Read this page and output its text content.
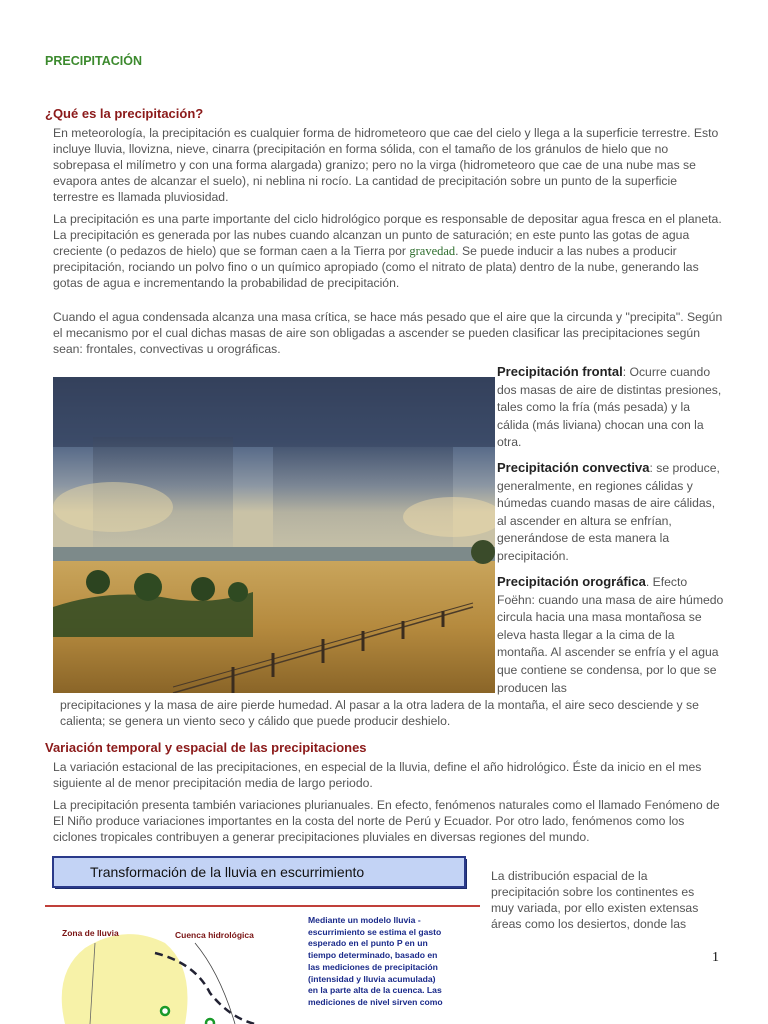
PRECIPITACIÓN
¿Qué es la precipitación?
En meteorología, la precipitación es cualquier forma de hidrometeoro que cae del cielo y llega a la superficie terrestre. Esto incluye lluvia, llovizna, nieve, cinarra (precipitación en forma sólida, con el tamaño de los gránulos de hielo que no sobrepasa el milímetro y con una forma alargada) granizo; pero no la virga (hidrometeoro que cae de una nube mas se evapora antes de alcanzar el suelo), ni neblina ni rocío. La cantidad de precipitación sobre un punto de la superficie terrestre es llamada pluviosidad.
La precipitación es una parte importante del ciclo hidrológico porque es responsable de depositar agua fresca en el planeta. La precipitación es generada por las nubes cuando alcanzan un punto de saturación; en este punto las gotas de agua creciente (o pedazos de hielo) que se forman caen a la Tierra por gravedad. Se puede inducir a las nubes a producir precipitación, rociando un polvo fino o un químico apropiado (como el nitrato de plata) dentro de la nube, generando las gotas de agua e incrementando la probabilidad de precipitación.
Cuando el agua condensada alcanza una masa crítica, se hace más pesado que el aire que la circunda y "precipita". Según el mecanismo por el cual dichas masas de aire son obligadas a ascender se pueden clasificar las precipitaciones según sean: frontales, convectivas u orográficas.
Precipitación frontal: Ocurre cuando dos masas de aire de distintas presiones, tales como la fría (más pesada) y la cálida (más liviana) chocan una con la otra.
Precipitación convectiva: se produce, generalmente, en regiones cálidas y húmedas cuando masas de aire cálidas, al ascender en altura se enfrían, generándose de esta manera la precipitación.
Precipitación orográfica. Efecto Foëhn: cuando una masa de aire húmedo circula hacia una masa montañosa se eleva hasta llegar a la cima de la montaña. Al ascender se enfría y el agua que contiene se condensa, por lo que se producen las
precipitaciones y la masa de aire pierde humedad. Al pasar a la otra ladera de la montaña, el aire seco desciende y se calienta; se genera un viento seco y cálido que puede producir deshielo.
Variación temporal y espacial de las precipitaciones
La variación estacional de las precipitaciones, en especial de la lluvia, define el año hidrológico. Éste da inicio en el mes siguiente al de menor precipitación media de largo periodo.
La precipitación presenta también variaciones plurianuales. En efecto, fenómenos naturales como el llamado Fenómeno de El Niño produce variaciones importantes en la costa del norte de Perú y Ecuador. Por otro lado, fenómenos como los ciclones tropicales contribuyen a generar precipitaciones pluviales en diversas regiones del mundo.
Transformación de la lluvia en escurrimiento
Zona de lluvia	Cuenca hidrológica
Mediante un modelo lluvia -
escurrimiento se estima el gasto
esperado en el punto P en un
tiempo determinado, basado en
las mediciones de precipitación
(intensidad y lluvia acumulada)
en la parte alta de la cuenca. Las
mediciones de nivel sirven como
La distribución espacial de la precipitación sobre los continentes es muy variada, por ello existen extensas áreas como los desiertos, donde las
1
